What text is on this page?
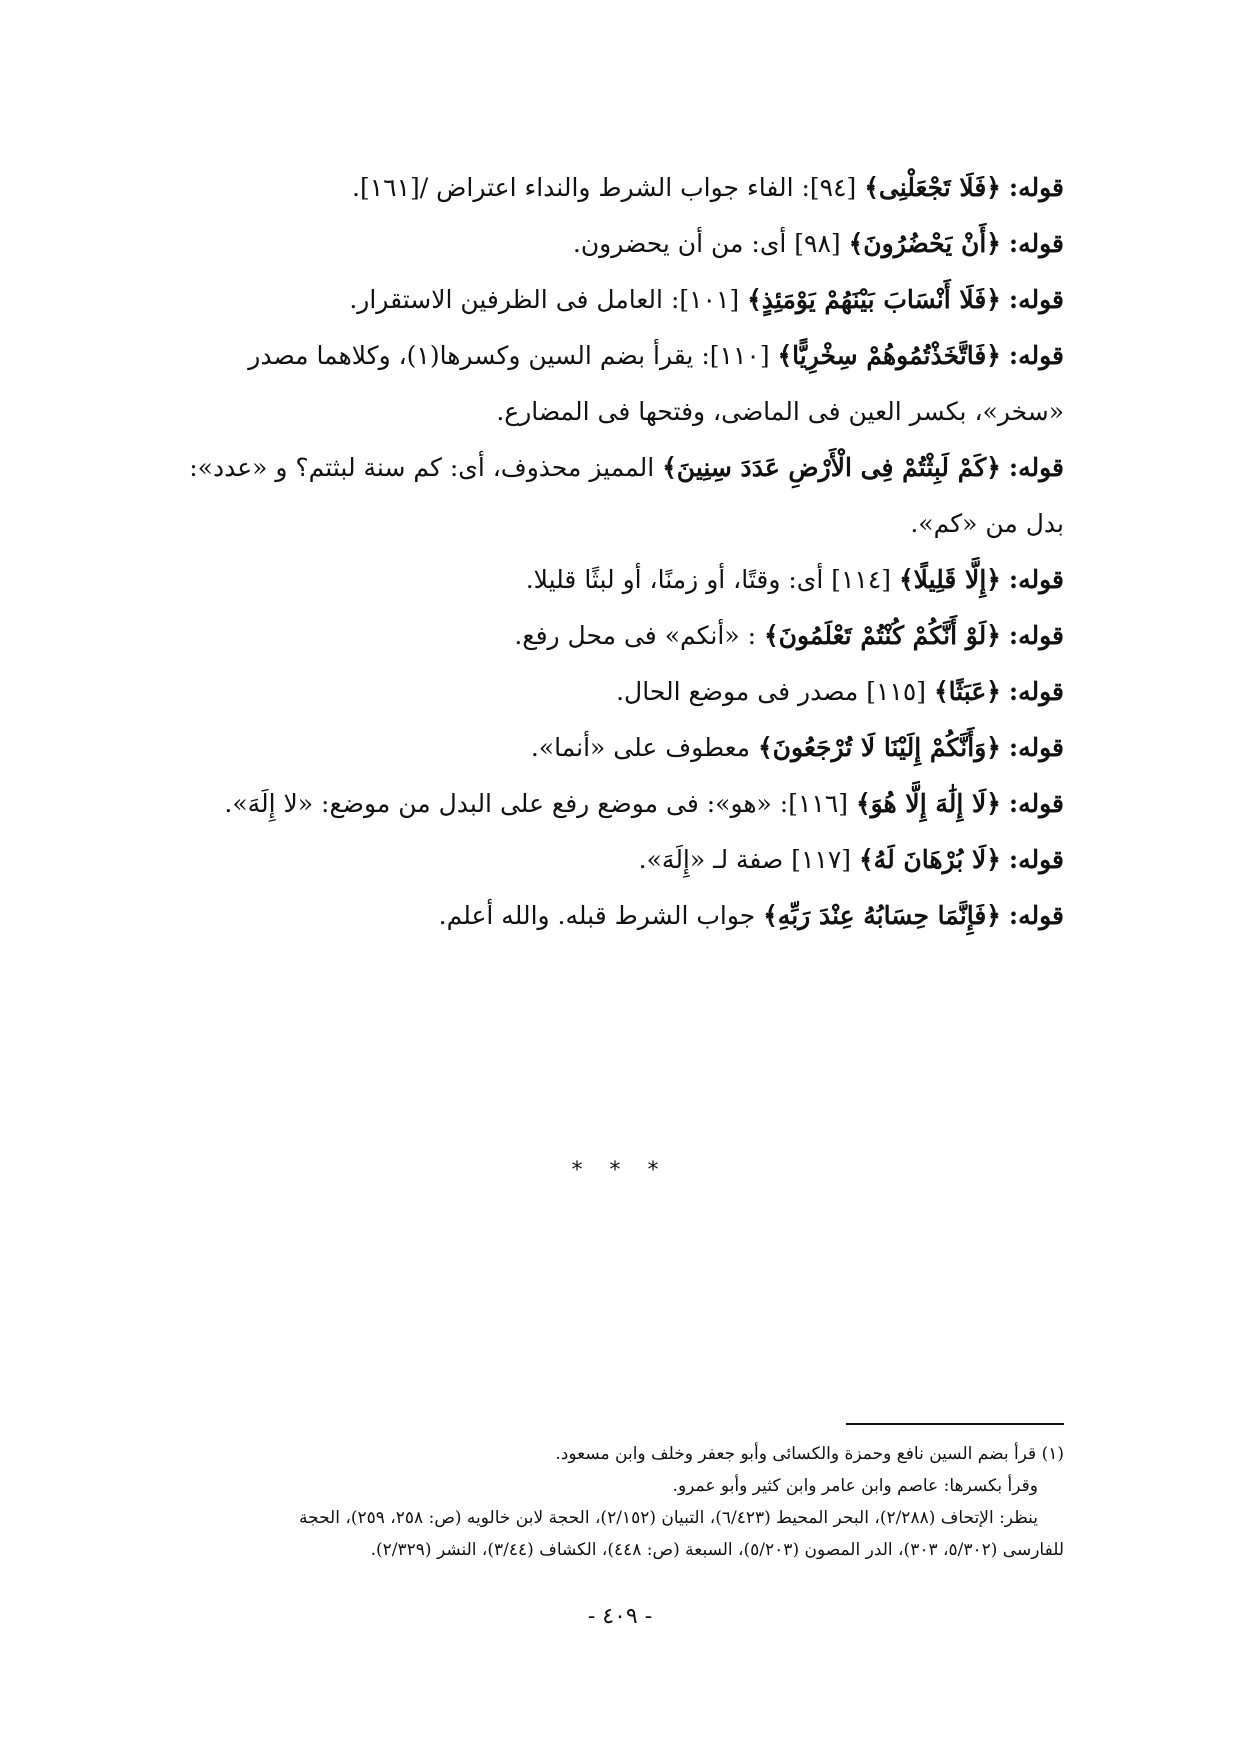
قوله: ﴿فَلَا تَجْعَلْنِى﴾ [٩٤]: الفاء جواب الشرط والنداء اعتراض /[١٦١].

قوله: ﴿أَنْ يَحْضُرُونَ﴾ [٩٨] أى: من أن يحضرون.

قوله: ﴿فَلَا أَنْسَابَ بَيْنَهُمْ يَوْمَئِذٍ﴾ [١٠١]: العامل فى الظرفين الاستقرار.

قوله: ﴿فَاتَّخَذْتُمُوهُمْ سِخْرِيًّا﴾ [١١٠]: يقرأ بضم السين وكسرها(١)، وكلاهما مصدر «سخر»، بكسر العين فى الماضى، وفتحها فى المضارع.

قوله: ﴿كَمْ لَبِثْتُمْ فِى الْأَرْضِ عَدَدَ سِنِينَ﴾ المميز محذوف، أى: كم سنة لبثتم؟ و «عدد»: بدل من «كم».

قوله: ﴿إِلَّا قَلِيلًا﴾ [١١٤] أى: وقتًا، أو زمنًا، أو لبثًا قليلا.

قوله: ﴿لَوْ أَنَّكُمْ كُنْتُمْ تَعْلَمُونَ﴾ : «أنكم» فى محل رفع.

قوله: ﴿عَبَثًا﴾ [١١٥] مصدر فى موضع الحال.

قوله: ﴿وَأَنَّكُمْ إِلَيْنَا لَا تُرْجَعُونَ﴾ معطوف على «أنما».

قوله: ﴿لَا إِلَٰهَ إِلَّا هُوَ﴾ [١١٦]: «هو»: فى موضع رفع على البدل من موضع: «لا إِلَهَ».

قوله: ﴿لَا بُرْهَانَ لَهُ﴾ [١١٧] صفة لـ «إِلَهَ».

قوله: ﴿فَإِنَّمَا حِسَابُهُ عِنْدَ رَبِّهِ﴾ جواب الشرط قبله. والله أعلم.

* * *

(١) قرأ بضم السين نافع وحمزة والكسائى وأبو جعفر وخلف وابن مسعود.

وقرأ بكسرها: عاصم وابن عامر وابن كثير وأبو عمرو.

ينظر: الإتحاف (٢/٢٨٨)، البحر المحيط (٦/٤٢٣)، التبيان (٢/١٥٢)، الحجة لابن خالويه (ص: ٢٥٨، ٢٥٩)، الحجة

للفارسى (٥/٣٠٢، ٣٠٣)، الدر المصون (٥/٢٠٣)، السبعة (ص: ٤٤٨)، الكشاف (٣/٤٤)، النشر (٢/٣٢٩).

- ٤٠٩ -
